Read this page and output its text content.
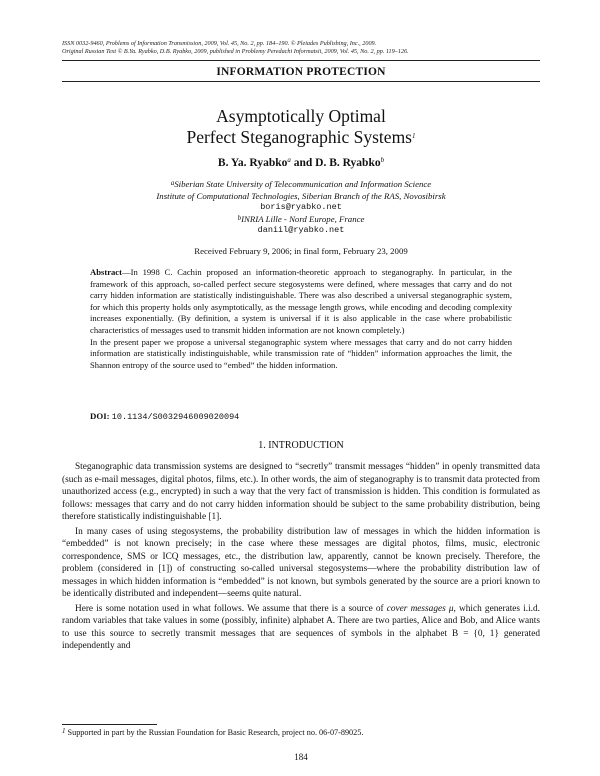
ISSN 0032-9460, Problems of Information Transmission, 2009, Vol. 45, No. 2, pp. 184–190. © Pleiades Publishing, Inc., 2009.
Original Russian Text © B.Ya. Ryabko, D.B. Ryabko, 2009, published in Problemy Peredachi Informatsii, 2009, Vol. 45, No. 2, pp. 119–126.
INFORMATION PROTECTION
Asymptotically Optimal
Perfect Steganographic Systems$^1$
B. Ya. Ryabko$^a$ and D. B. Ryabko$^b$
$^a$Siberian State University of Telecommunication and Information Science
Institute of Computational Technologies, Siberian Branch of the RAS, Novosibirsk
boris@ryabko.net
$^b$INRIA Lille - Nord Europe, France
daniil@ryabko.net
Received February 9, 2006; in final form, February 23, 2009

Abstract—In 1998 C. Cachin proposed an information-theoretic approach to steganography. In particular, in the framework of this approach, so-called perfect secure stegosystems were defined, where messages that carry and do not carry hidden information are statistically indistinguishable. There was also described a universal steganographic system, for which this property holds only asymptotically, as the message length grows, while encoding and decoding complexity increases exponentially. (By definition, a system is universal if it is also applicable in the case where probabilistic characteristics of messages used to transmit hidden information are not known completely.)

In the present paper we propose a universal steganographic system where messages that carry and do not carry hidden information are statistically indistinguishable, while transmission rate of “hidden” information approaches the limit, the Shannon entropy of the source used to “embed” the hidden information.

DOI: 10.1134/S0032946009020094
1. INTRODUCTION

Steganographic data transmission systems are designed to “secretly” transmit messages “hidden” in openly transmitted data (such as e-mail messages, digital photos, films, etc.). In other words, the aim of steganography is to transmit data protected from unauthorized access (e.g., encrypted) in such a way that the very fact of transmission is hidden. This condition is formulated as follows: messages that carry and do not carry hidden information should be subject to the same probability distribution, being therefore statistically indistinguishable [1].

In many cases of using stegosystems, the probability distribution law of messages in which the hidden information is “embedded” is not known precisely; in the case where these messages are digital photos, films, music, electronic correspondence, SMS or ICQ messages, etc., the distribution law, apparently, cannot be known precisely. Therefore, the problem (considered in [1]) of constructing so-called universal stegosystems—where the probability distribution law of messages in which hidden information is “embedded” is not known, but symbols generated by the source are a priori known to be identically distributed and independent—seems quite natural.

Here is some notation used in what follows. We assume that there is a source of cover messages μ, which generates i.i.d. random variables that take values in some (possibly, infinite) alphabet A. There are two parties, Alice and Bob, and Alice wants to use this source to secretly transmit messages that are sequences of symbols in the alphabet B = {0, 1} generated independently and

$^1$ Supported in part by the Russian Foundation for Basic Research, project no. 06-07-89025.
184
